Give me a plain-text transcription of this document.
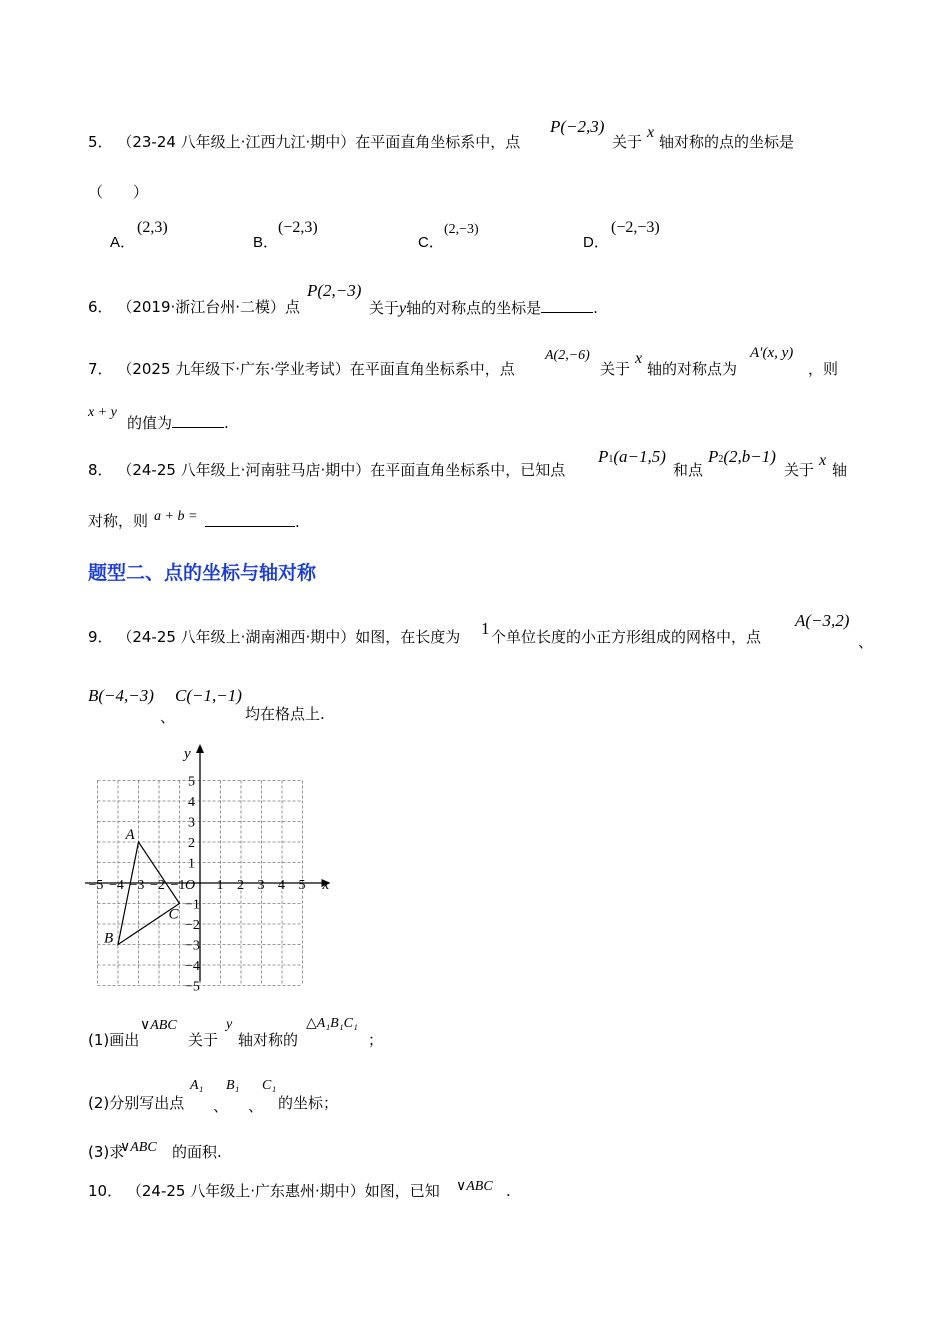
5． （23-24 八年级上·江西九江·期中）在平面直角坐标系中，点
P(−2,3)
关于
x
轴对称的点的坐标是
（　　）
A．
(2,3)
B．
(−2,3)
C．
(2,−3)
D．
(−2,−3)
6． （2019·浙江台州·二模）点
P(2,−3)
关于y轴的对称点的坐标是	.
7． （2025 九年级下·广东·学业考试）在平面直角坐标系中，点
A(2,−6)
关于
x
轴的对称点为
A′(x, y)
，则
x + y
的值为	.
8． （24-25 八年级上·河南驻马店·期中）在平面直角坐标系中，已知点
P1(a−1,5)
和点
P2(2,b−1)
关于
x
轴
对称，则 a + b =	.
题型二、点的坐标与轴对称
9． （24-25 八年级上·湖南湘西·期中）如图，在长度为 1 个单位长度的小正方形组成的网格中，点
A(−3,2)
、
B(−4,−3)
、
C(−1,−1)
均在格点上.
x
y
O
−5 −4 −3 −2 −1 1 2 3 4 5
5
4
3
2
1
−1
−2
−3
−4
−5
A
B
C
(1)画出
∨ABC
关于
y
轴对称的
△A₁B₁C₁
；
(2)分别写出点
A₁
、
B₁
、
C₁
的坐标；
(3)求
∨ABC 的面积.
10． （24-25 八年级上·广东惠州·期中）如图，已知 ∨ABC .
